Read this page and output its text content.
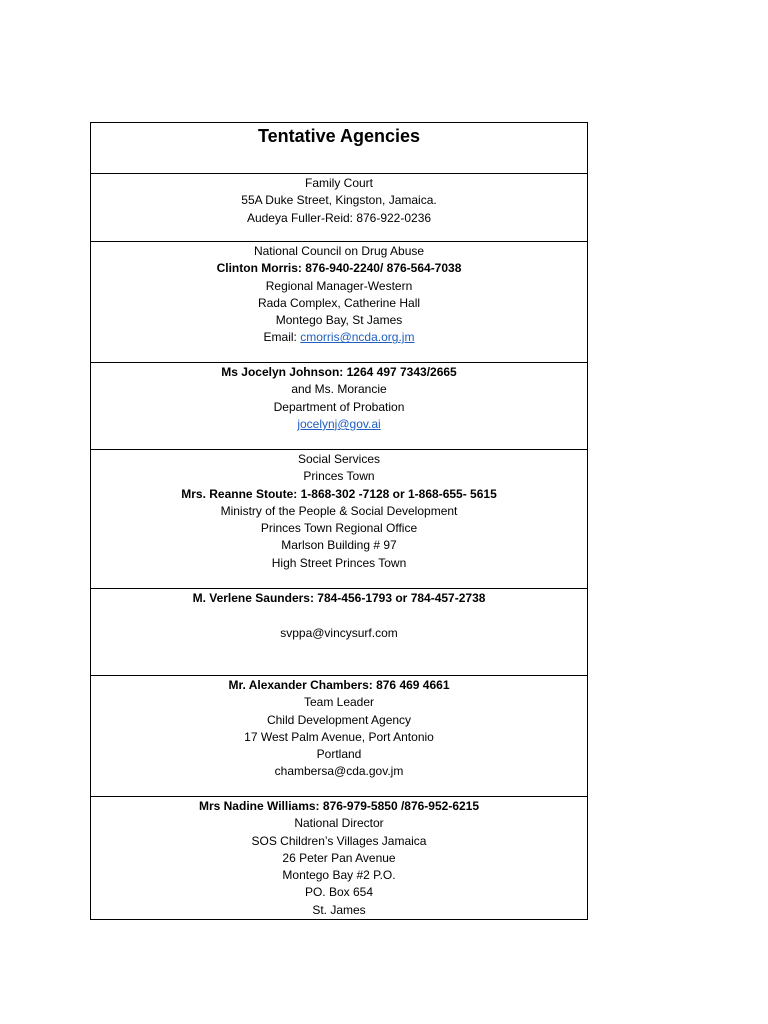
Tentative Agencies

Family Court
55A Duke Street, Kingston, Jamaica.
Audeya Fuller-Reid: 876-922-0236

National Council on Drug Abuse
Clinton Morris: 876-940-2240/ 876-564-7038
Regional Manager-Western
Rada Complex, Catherine Hall
Montego Bay, St James
Email: cmorris@ncda.org.jm

Ms Jocelyn Johnson: 1264 497 7343/2665
and Ms. Morancie
Department of Probation
jocelynj@gov.ai

Social Services
Princes Town
Mrs. Reanne Stoute: 1-868-302 -7128 or 1-868-655- 5615
Ministry of the People & Social Development
Princes Town Regional Office
Marlson Building # 97
High Street Princes Town

M. Verlene Saunders: 784-456-1793 or 784-457-2738
svppa@vincysurf.com

Mr. Alexander Chambers: 876 469 4661
Team Leader
Child Development Agency
17 West Palm Avenue, Port Antonio
Portland
chambersa@cda.gov.jm

Mrs Nadine Williams: 876-979-5850 /876-952-6215
National Director
SOS Children’s Villages Jamaica
26 Peter Pan Avenue
Montego Bay #2 P.O.
PO. Box 654
St. James
